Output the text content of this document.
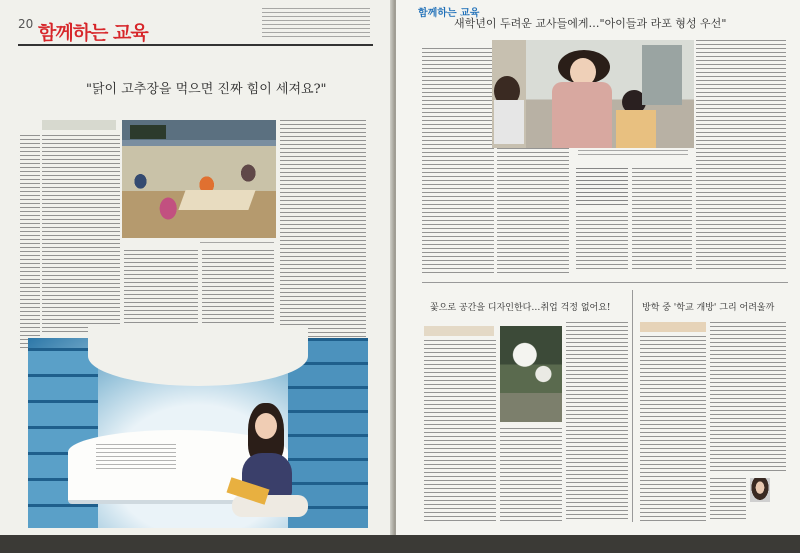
20 함께하는 교육
"닭이 고추장을 먹으면 진짜 힘이 세져요?"
함께하는 교육
새학년이 두려운 교사들에게…"아이들과 라포 형성 우선"
꽃으로 공간을 디자인한다…취업 걱정 없어요!	방학 중 '학교 개방' 그리 어려울까
